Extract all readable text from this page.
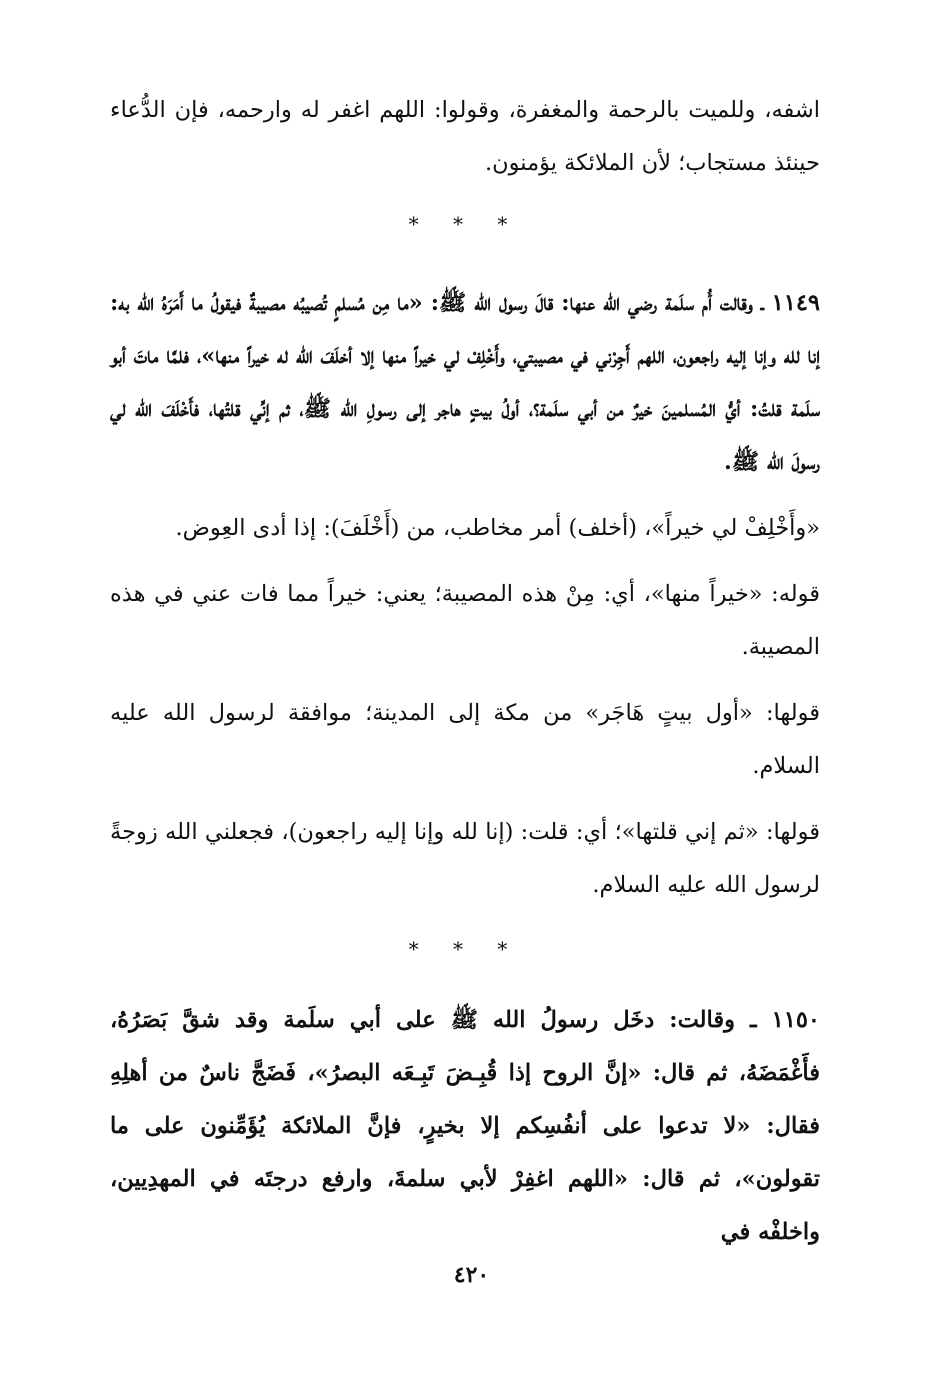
اشفه، وللميت بالرحمة والمغفرة، وقولوا: اللهم اغفر له وارحمه، فإن الدُّعاء حينئذ مستجاب؛ لأن الملائكة يؤمنون.

* * *

١١٤٩ ـ وقالت أُم سلَمة رضي الله عنها: قالَ رسول الله ﷺ: «ما مِن مُسلمٍ تُصيبُه مصيبةٌ فيقولُ ما أَمَرَهُ الله به: إنا لله وإنا إليه راجعون، اللهم أَجِرْني في مصيبتي، وأَخْلِفْ لي خيراً منها إلا أخلَفَ الله له خيراً منها»، فلمَّا ماتَ أبو سلَمة قلتُ: أيُّ المُسلمينَ خيرٌ من أبي سلَمة؟، أولُ بيتٍ هاجر إلى رسولِ الله ﷺ، ثم إنِّي قلتُها، فأَخْلَفَ الله لي رسولَ الله ﷺ.

«وأَخْلِفْ لي خيراً»، (أخلف) أمر مخاطب، من (أَخْلَفَ): إذا أدى العِوض.

قوله: «خيراً منها»، أي: مِنْ هذه المصيبة؛ يعني: خيراً مما فات عني في هذه المصيبة.

قولها: «أول بيتٍ هَاجَر» من مكة إلى المدينة؛ موافقة لرسول الله عليه السلام.

قولها: «ثم إني قلتها»؛ أي: قلت: (إنا لله وإنا إليه راجعون)، فجعلني الله زوجةً لرسول الله عليه السلام.

* * *

١١٥٠ ـ وقالت: دخَل رسولُ الله ﷺ على أبي سلَمة وقد شقَّ بَصَرُهُ، فأَغْمَضَهُ، ثم قال: «إنَّ الروح إذا قُبِـضَ تَبِـعَه البصرُ»، فَضَجَّ ناسٌ من أهلِهِ فقال: «لا تدعوا على أنفُسِكم إلا بخيرٍ، فإنَّ الملائكة يُؤَمِّنون على ما تقولون»، ثم قال: «اللهم اغفِرْ لأبي سلمةَ، وارفع درجتَه في المهدِيين، واخلفْه في

٤٢٠
